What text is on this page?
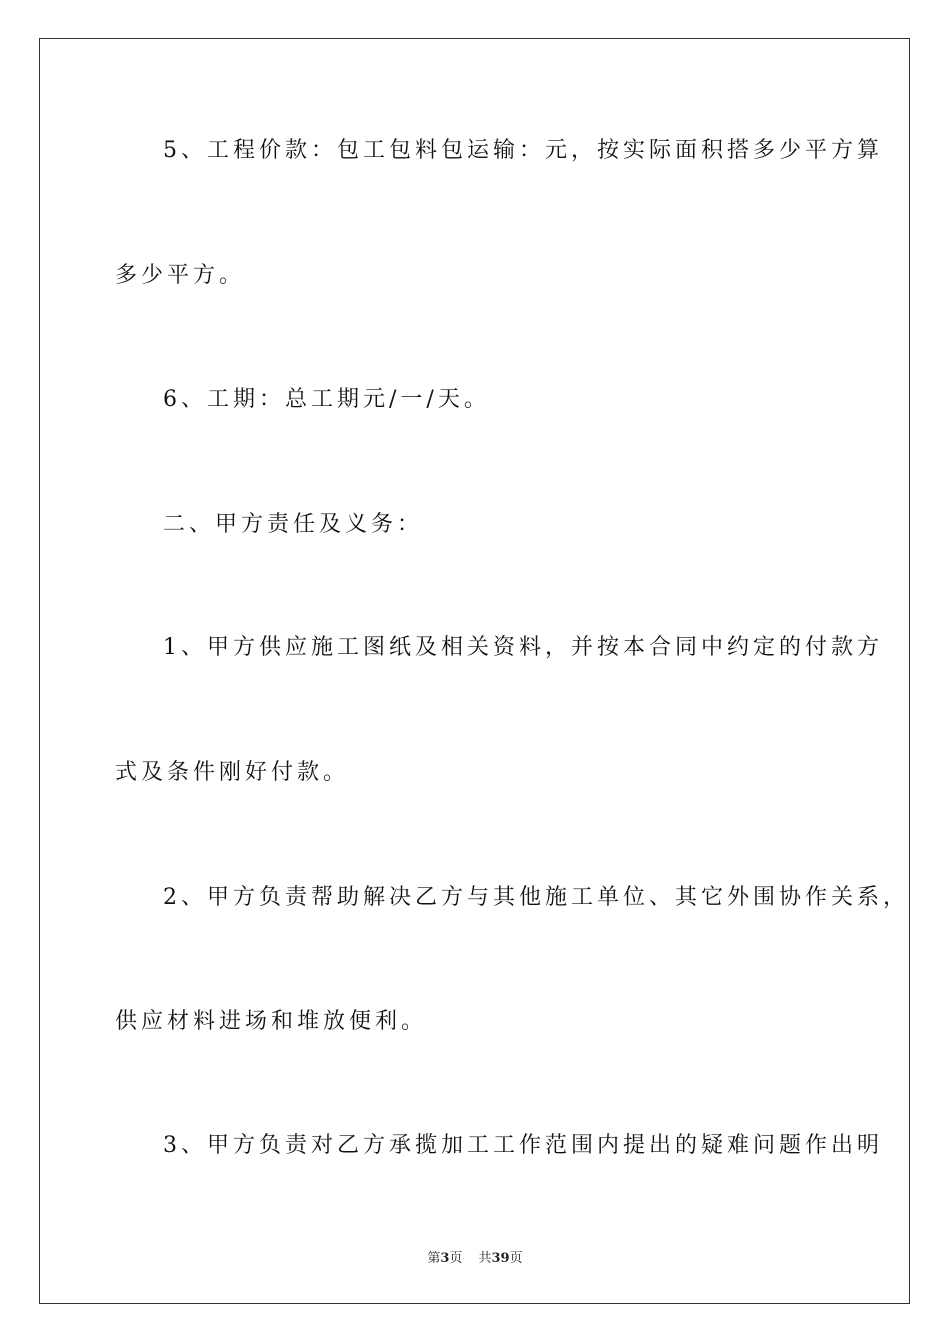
5、工程价款：包工包料包运输：元，按实际面积搭多少平方算

多少平方。

6、工期：总工期元/一/天。

二、甲方责任及义务：

1、甲方供应施工图纸及相关资料，并按本合同中约定的付款方

式及条件刚好付款。

2、甲方负责帮助解决乙方与其他施工单位、其它外围协作关系，

供应材料进场和堆放便利。

3、甲方负责对乙方承揽加工工作范围内提出的疑难问题作出明

第3页 共39页
